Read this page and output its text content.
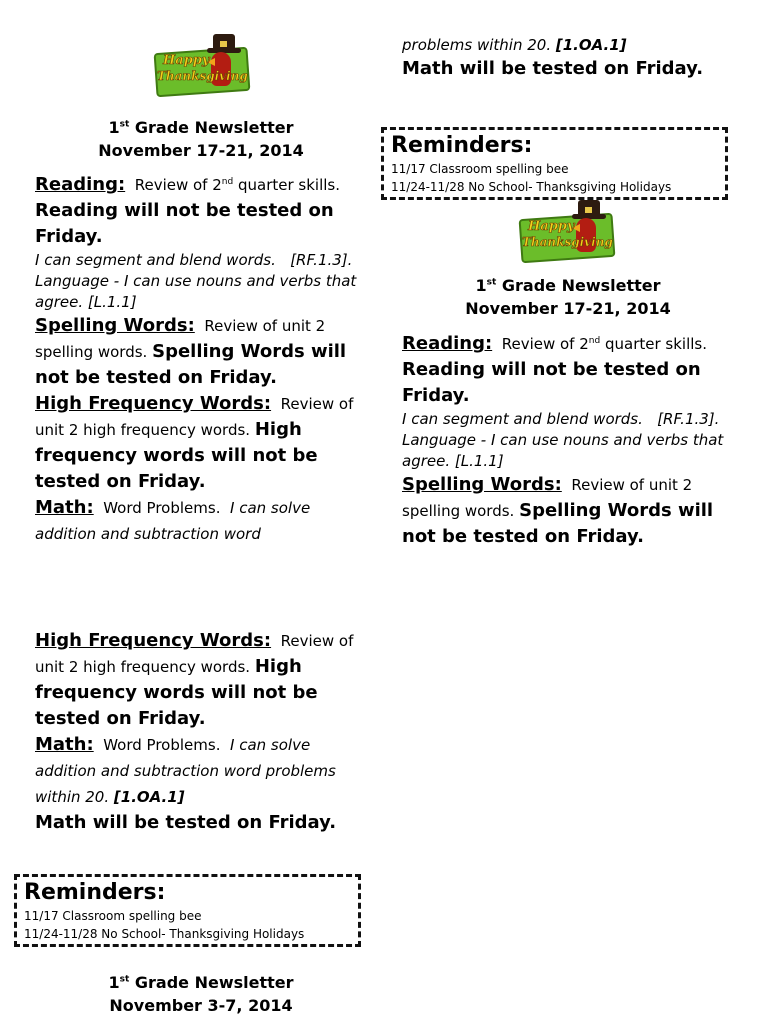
Happy
Thanksgiving
1st Grade Newsletter
November 17-21, 2014
Reading: Review of 2nd quarter skills. Reading will not be tested on Friday.
I can segment and blend words. [RF.1.3]. Language - I can use nouns and verbs that agree. [L.1.1]
Spelling Words: Review of unit 2 spelling words. Spelling Words will not be tested on Friday.
High Frequency Words: Review of unit 2 high frequency words. High frequency words will not be tested on Friday.
Math: Word Problems. I can solve addition and subtraction word
High Frequency Words: Review of unit 2 high frequency words. High frequency words will not be tested on Friday.
Math: Word Problems. I can solve addition and subtraction word problems within 20. [1.OA.1]
Math will be tested on Friday.
Reminders:
11/17 Classroom spelling bee
11/24-11/28 No School- Thanksgiving Holidays
1st Grade Newsletter
November 3-7, 2014
problems within 20. [1.OA.1]
Math will be tested on Friday.
Reminders:
11/17 Classroom spelling bee
11/24-11/28 No School- Thanksgiving Holidays
Happy
Thanksgiving
1st Grade Newsletter
November 17-21, 2014
Reading: Review of 2nd quarter skills. Reading will not be tested on Friday.
I can segment and blend words. [RF.1.3]. Language - I can use nouns and verbs that agree. [L.1.1]
Spelling Words: Review of unit 2 spelling words. Spelling Words will not be tested on Friday.
